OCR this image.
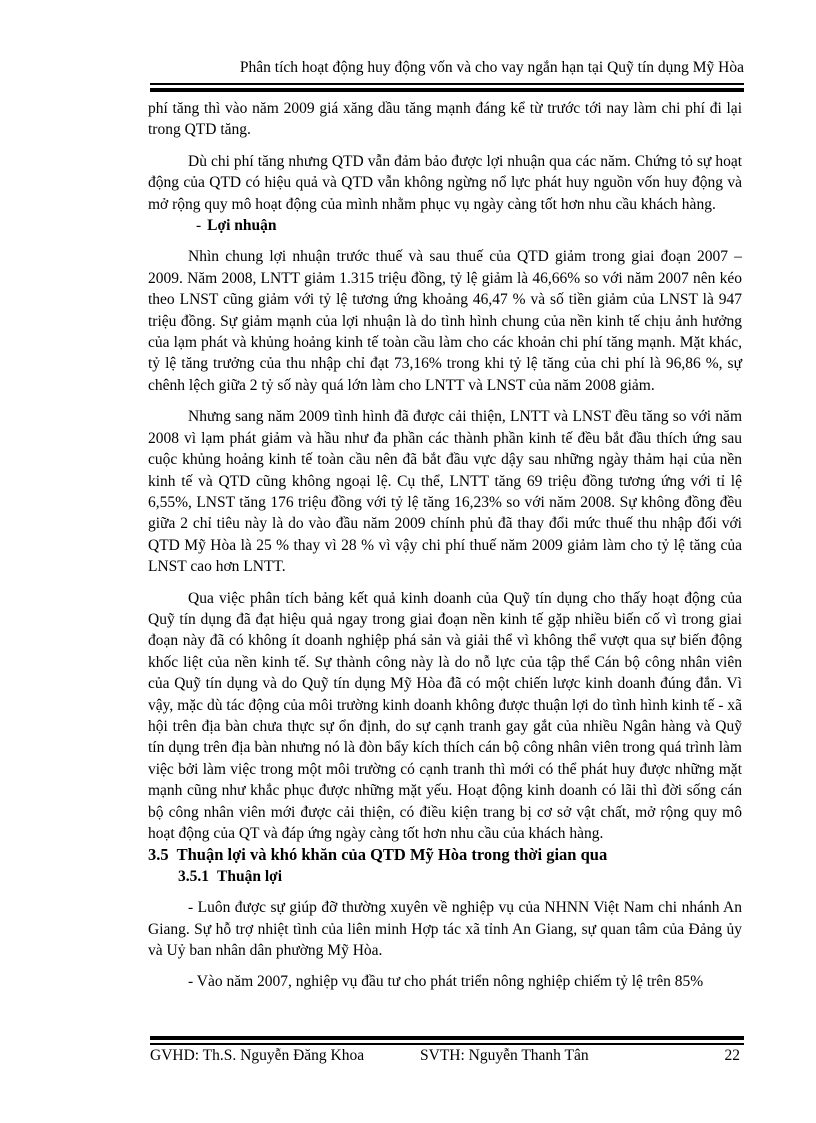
Phân tích hoạt động huy động vốn và cho vay ngắn hạn tại Quỹ tín dụng Mỹ Hòa

phí tăng thì vào năm 2009 giá xăng dầu tăng mạnh đáng kể từ trước tới nay làm chi phí đi lại trong QTD tăng.

Dù chi phí tăng nhưng QTD vẫn đảm bảo được lợi nhuận qua các năm. Chứng tỏ sự hoạt động của QTD có hiệu quả và QTD vẫn không ngừng nổ lực phát huy nguồn vốn huy động và mở rộng quy mô hoạt động của mình nhằm phục vụ ngày càng tốt hơn nhu cầu khách hàng.

- Lợi nhuận

Nhìn chung lợi nhuận trước thuế và sau thuế của QTD giảm trong giai đoạn 2007 – 2009. Năm 2008, LNTT giảm 1.315 triệu đồng, tỷ lệ giảm là 46,66% so với năm 2007 nên kéo theo LNST cũng giảm với tỷ lệ tương ứng khoảng 46,47 % và số tiền giảm của LNST là 947 triệu đồng. Sự giảm mạnh của lợi nhuận là do tình hình chung của nền kinh tế chịu ảnh hưởng của lạm phát và khủng hoảng kinh tế toàn cầu làm cho các khoản chi phí tăng mạnh. Mặt khác, tỷ lệ tăng trưởng của thu nhập chỉ đạt 73,16% trong khi tỷ lệ tăng của chi phí là 96,86 %, sự chênh lệch giữa 2 tỷ số này quá lớn làm cho LNTT và LNST của năm 2008 giảm.

Nhưng sang năm 2009 tình hình đã được cải thiện, LNTT và LNST đều tăng so với năm 2008 vì lạm phát giảm và hầu như đa phần các thành phần kinh tế đều bắt đầu thích ứng sau cuộc khủng hoảng kinh tế toàn cầu nên đã bắt đầu vực dậy sau những ngày thảm hại của nền kinh tế và QTD cũng không ngoại lệ. Cụ thể, LNTT tăng 69 triệu đồng tương ứng với tỉ lệ 6,55%, LNST tăng 176 triệu đồng với tỷ lệ tăng 16,23% so với năm 2008. Sự không đồng đều giữa 2 chỉ tiêu này là do vào đầu năm 2009 chính phủ đã thay đổi mức thuế thu nhập đối với QTD Mỹ Hòa là 25 % thay vì 28 % vì vậy chi phí thuế năm 2009 giảm làm cho tỷ lệ tăng của LNST cao hơn LNTT.

Qua việc phân tích bảng kết quả kinh doanh của Quỹ tín dụng cho thấy hoạt động của Quỹ tín dụng đã đạt hiệu quả ngay trong giai đoạn nền kinh tế gặp nhiều biến cố vì trong giai đoạn này đã có không ít doanh nghiệp phá sản và giải thể vì không thể vượt qua sự biến động khốc liệt của nền kinh tế. Sự thành công này là do nỗ lực của tập thể Cán bộ công nhân viên của Quỹ tín dụng và do Quỹ tín dụng Mỹ Hòa đã có một chiến lược kinh doanh đúng đắn. Vì vậy, mặc dù tác động của môi trường kinh doanh không được thuận lợi do tình hình kinh tế - xã hội trên địa bàn chưa thực sự ổn định, do sự cạnh tranh gay gắt của nhiều Ngân hàng và Quỹ tín dụng trên địa bàn nhưng nó là đòn bẩy kích thích cán bộ công nhân viên trong quá trình làm việc bởi làm việc trong một môi trường có cạnh tranh thì mới có thể phát huy được những mặt mạnh cũng như khắc phục được những mặt yếu. Hoạt động kinh doanh có lãi thì đời sống cán bộ công nhân viên mới được cải thiện, có điều kiện trang bị cơ sở vật chất, mở rộng quy mô hoạt động của QT và đáp ứng ngày càng tốt hơn nhu cầu của khách hàng.

3.5 Thuận lợi và khó khăn của QTD Mỹ Hòa trong thời gian qua

3.5.1 Thuận lợi

- Luôn được sự giúp đỡ thường xuyên về nghiệp vụ của NHNN Việt Nam chi nhánh An Giang. Sự hỗ trợ nhiệt tình của liên minh Hợp tác xã tỉnh An Giang, sự quan tâm của Đảng ủy và Uỷ ban nhân dân phường Mỹ Hòa.

- Vào năm 2007, nghiệp vụ đầu tư cho phát triển nông nghiệp chiếm tỷ lệ trên 85%

GVHD: Th.S. Nguyễn Đăng Khoa	SVTH: Nguyễn Thanh Tân	22
